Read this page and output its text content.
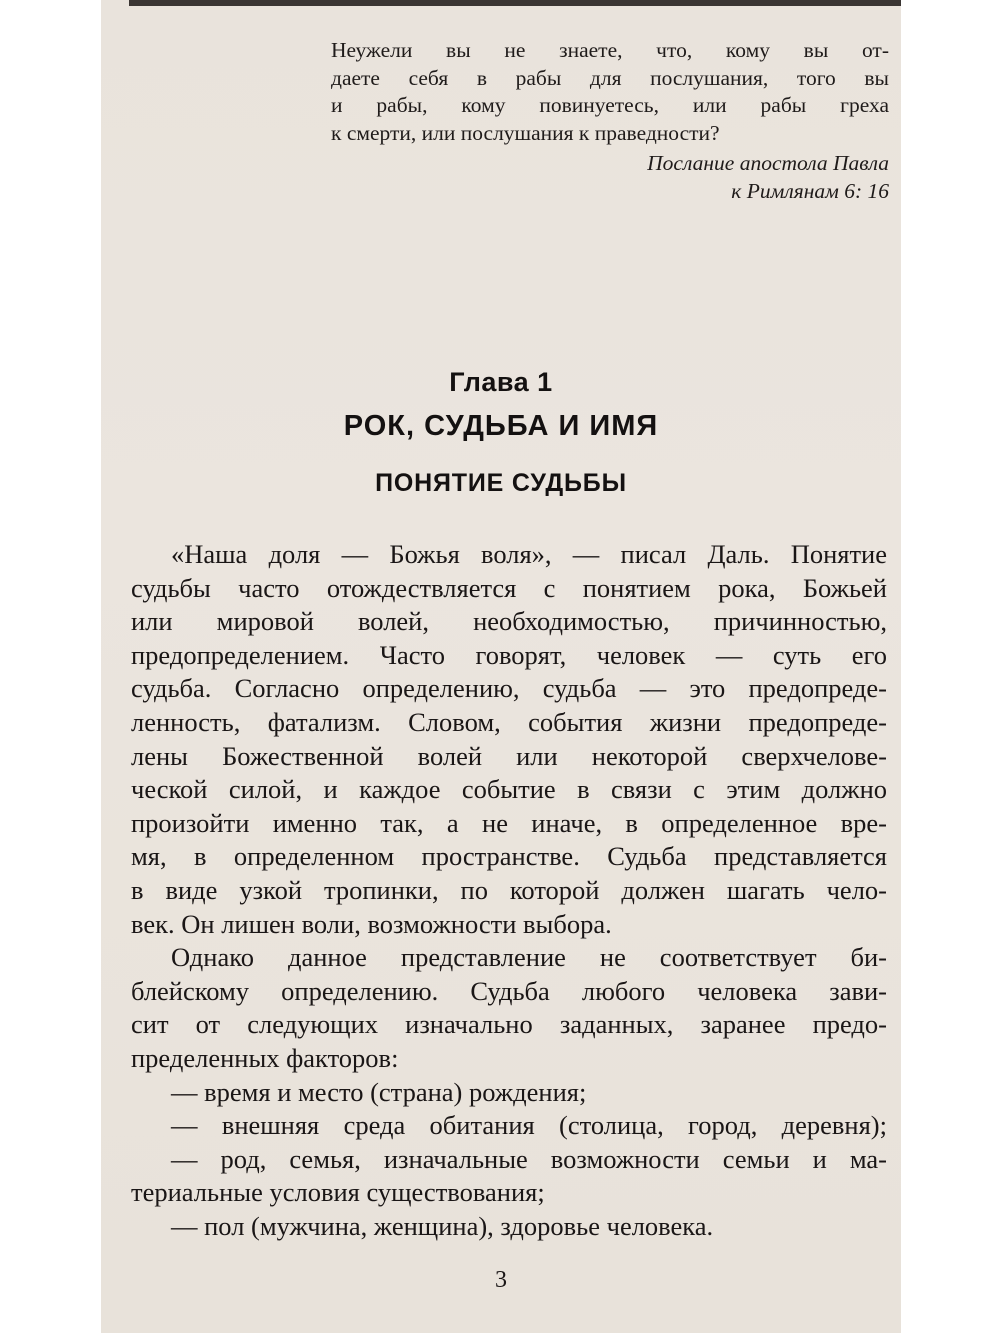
Неужели вы не знаете, что, кому вы от-
даете себя в рабы для послушания, того вы
и рабы, кому повинуетесь, или рабы греха
к смерти, или послушания к праведности?
Послание апостола Павла
к Римлянам 6: 16
Глава 1
РОК, СУДЬБА И ИМЯ
ПОНЯТИЕ СУДЬБЫ
«Наша доля — Божья воля», — писал Даль. Понятие
судьбы часто отождествляется с понятием рока, Божьей
или мировой волей, необходимостью, причинностью,
предопределением. Часто говорят, человек — суть его
судьба. Согласно определению, судьба — это предопреде-
ленность, фатализм. Словом, события жизни предопреде-
лены Божественной волей или некоторой сверхчелове-
ческой силой, и каждое событие в связи с этим должно
произойти именно так, а не иначе, в определенное вре-
мя, в определенном пространстве. Судьба представляется
в виде узкой тропинки, по которой должен шагать чело-
век. Он лишен воли, возможности выбора.
Однако данное представление не соответствует би-
блейскому определению. Судьба любого человека зави-
сит от следующих изначально заданных, заранее предо-
пределенных факторов:
— время и место (страна) рождения;
— внешняя среда обитания (столица, город, деревня);
— род, семья, изначальные возможности семьи и ма-
териальные условия существования;
— пол (мужчина, женщина), здоровье человека.
3
